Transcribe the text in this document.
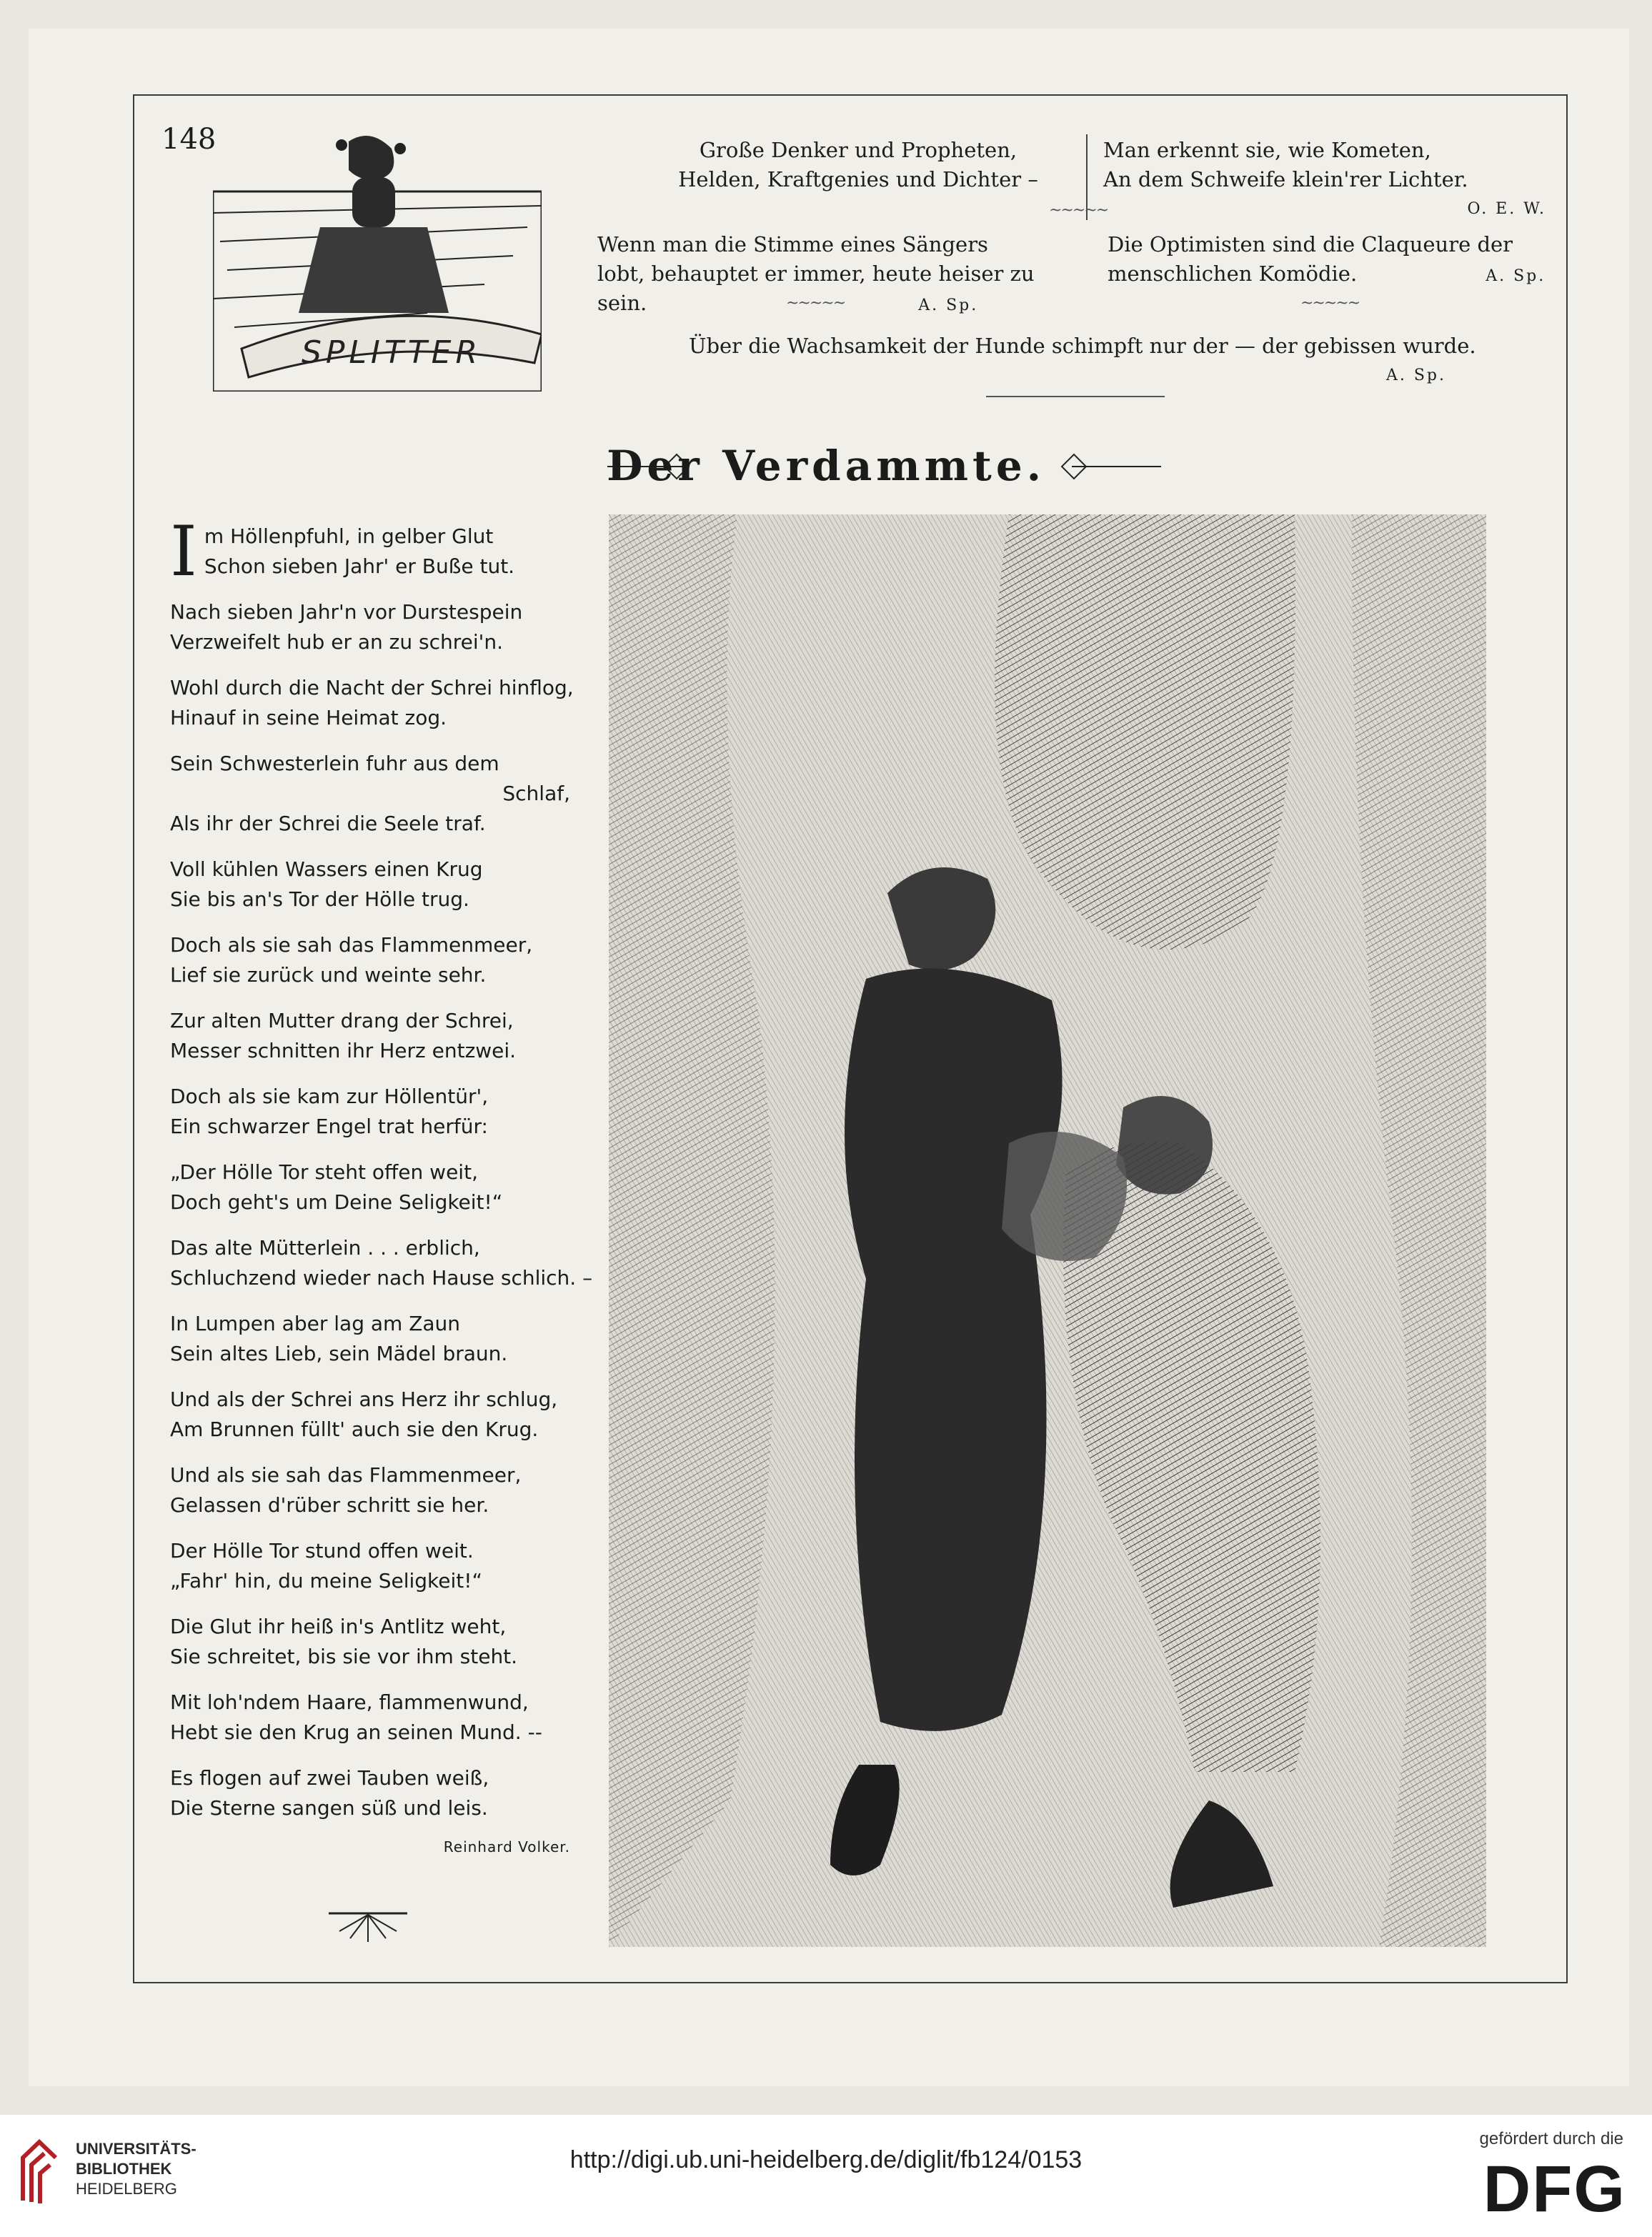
148
SPLITTER
Große Denker und Propheten,
Helden, Kraftgenies und Dichter –
Man erkennt sie, wie Kometen,
An dem Schweife klein'rer Lichter.
O. E. W.
~~~~~
Wenn man die Stimme eines Sängers
lobt, behauptet er immer, heute heiser zu
sein.	A. Sp.
Die Optimisten sind die Claqueure der
menschlichen Komödie.	A. Sp.
~~~~~	~~~~~
Über die Wachsamkeit der Hunde schimpft nur der — der gebissen wurde.
A. Sp.
Der Verdammte.
I m Höllenpfuhl, in gelber Glut
Schon sieben Jahr' er Buße tut.
Nach sieben Jahr'n vor Durstespein
Verzweifelt hub er an zu schrei'n.
Wohl durch die Nacht der Schrei hinflog,
Hinauf in seine Heimat zog.
Sein Schwesterlein fuhr aus dem
Schlaf,
Als ihr der Schrei die Seele traf.
Voll kühlen Wassers einen Krug
Sie bis an's Tor der Hölle trug.
Doch als sie sah das Flammenmeer,
Lief sie zurück und weinte sehr.
Zur alten Mutter drang der Schrei,
Messer schnitten ihr Herz entzwei.
Doch als sie kam zur Höllentür',
Ein schwarzer Engel trat herfür:
„Der Hölle Tor steht offen weit,
Doch geht's um Deine Seligkeit!“
Das alte Mütterlein . . . erblich,
Schluchzend wieder nach Hause schlich. –
In Lumpen aber lag am Zaun
Sein altes Lieb, sein Mädel braun.
Und als der Schrei ans Herz ihr schlug,
Am Brunnen füllt' auch sie den Krug.
Und als sie sah das Flammenmeer,
Gelassen d'rüber schritt sie her.
Der Hölle Tor stund offen weit.
„Fahr' hin, du meine Seligkeit!“
Die Glut ihr heiß in's Antlitz weht,
Sie schreitet, bis sie vor ihm steht.
Mit loh'ndem Haare, flammenwund,
Hebt sie den Krug an seinen Mund. --
Es flogen auf zwei Tauben weiß,
Die Sterne sangen süß und leis.
Reinhard Volker.
UNIVERSITÄTS-
BIBLIOTHEK
HEIDELBERG
http://digi.ub.uni-heidelberg.de/diglit/fb124/0153
gefördert durch die
DFG
